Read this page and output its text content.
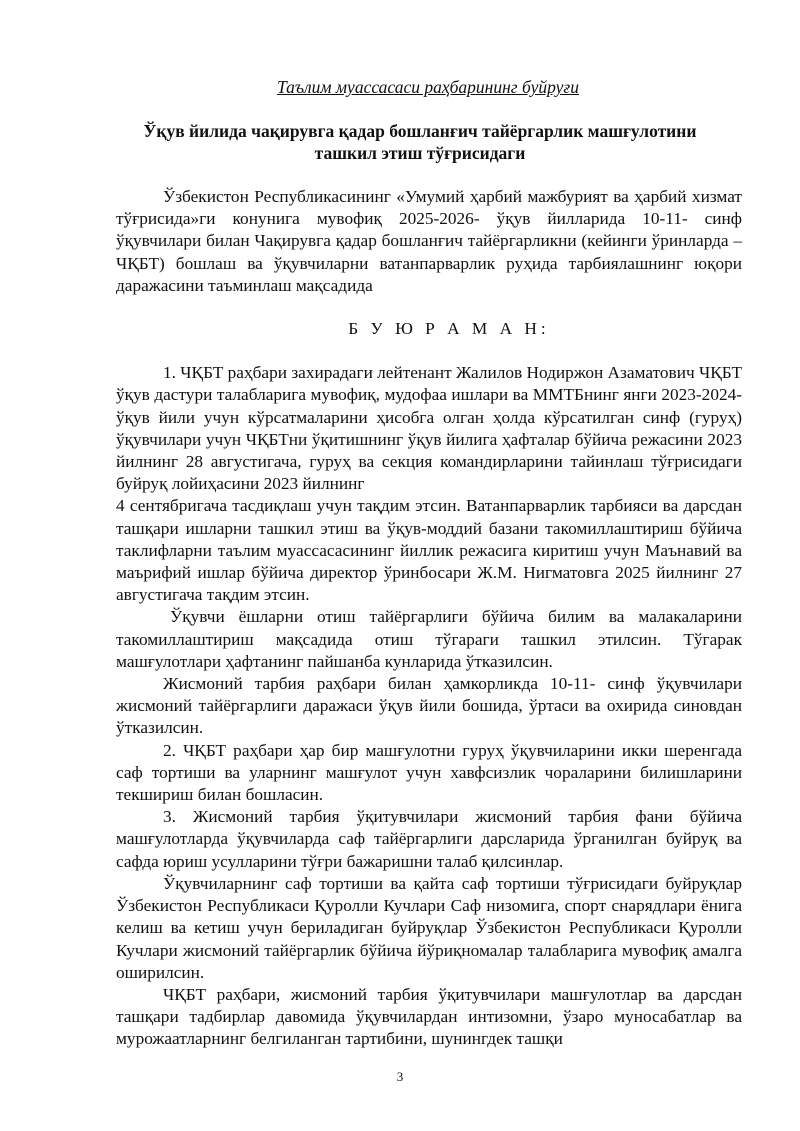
Таълим муассасаси раҳбарининг буйруғи
Ўқув йилида чақирувга қадар бошланғич тайёргарлик машғулотини
ташкил этиш тўғрисидаги

Ўзбекистон Республикасининг «Умумий ҳарбий мажбурият ва ҳарбий хизмат тўғрисида»ги конунига мувофиқ 2025-2026- ўқув йилларида 10-11- синф ўқувчилари билан Чақирувга қадар бошланғич тайёргарликни (кейинги ўринларда – ЧҚБТ) бошлаш ва ўқувчиларни ватанпарварлик руҳида тарбиялашнинг юқори даражасини таъминлаш мақсадида

Б У Ю Р А М А Н:

1. ЧҚБТ раҳбари захирадаги лейтенант Жалилов Нодиржон Азаматович ЧҚБТ ўқув дастури талабларига мувофиқ, мудофаа ишлари ва ММТБнинг янги 2023-2024- ўқув йили учун кўрсатмаларини ҳисобга олган ҳолда кўрсатилган синф (гуруҳ) ўқувчилари учун ЧҚБТни ўқитишнинг ўқув йилига ҳафталар бўйича режасини 2023 йилнинг 28 августигача, гуруҳ ва секция командирларини тайинлаш тўғрисидаги буйруқ лойиҳасини 2023 йилнинг

4 сентябригача тасдиқлаш учун тақдим этсин. Ватанпарварлик тарбияси ва дарсдан ташқари ишларни ташкил этиш ва ўқув-моддий базани такомиллаштириш бўйича таклифларни таълим муассасасининг йиллик режасига киритиш учун Маънавий ва маърифий ишлар бўйича директор ўринбосари Ж.М. Нигматовга 2025 йилнинг 27 августигача тақдим этсин.

Ўқувчи ёшларни отиш тайёргарлиги бўйича билим ва малакаларини такомиллаштириш мақсадида отиш тўгараги ташкил этилсин. Тўгарак машғулотлари ҳафтанинг пайшанба кунларида ўтказилсин.

Жисмоний тарбия раҳбари билан ҳамкорликда 10-11- синф ўқувчилари жисмоний тайёргарлиги даражаси ўқув йили бошида, ўртаси ва охирида синовдан ўтказилсин.

2. ЧҚБТ раҳбари ҳар бир машғулотни гуруҳ ўқувчиларини икки шеренгада саф тортиши ва уларнинг машғулот учун хавфсизлик чораларини билишларини текшириш билан бошласин.

3. Жисмоний тарбия ўқитувчилари жисмоний тарбия фани бўйича машғулотларда ўқувчиларда саф тайёргарлиги дарсларида ўрганилган буйруқ ва сафда юриш усулларини тўғри бажаришни талаб қилсинлар.

Ўқувчиларнинг саф тортиши ва қайта саф тортиши тўғрисидаги буйруқлар Ўзбекистон Республикаси Қуролли Кучлари Саф низомига, спорт снарядлари ёнига келиш ва кетиш учун бериладиган буйруқлар Ўзбекистон Республикаси Қуролли Кучлари жисмоний тайёргарлик бўйича йўриқномалар талабларига мувофиқ амалга оширилсин.

ЧҚБТ раҳбари, жисмоний тарбия ўқитувчилари машғулотлар ва дарсдан ташқари тадбирлар давомида ўқувчилардан интизомни, ўзаро муносабатлар ва мурожаатларнинг белгиланган тартибини, шунингдек ташқи

3
